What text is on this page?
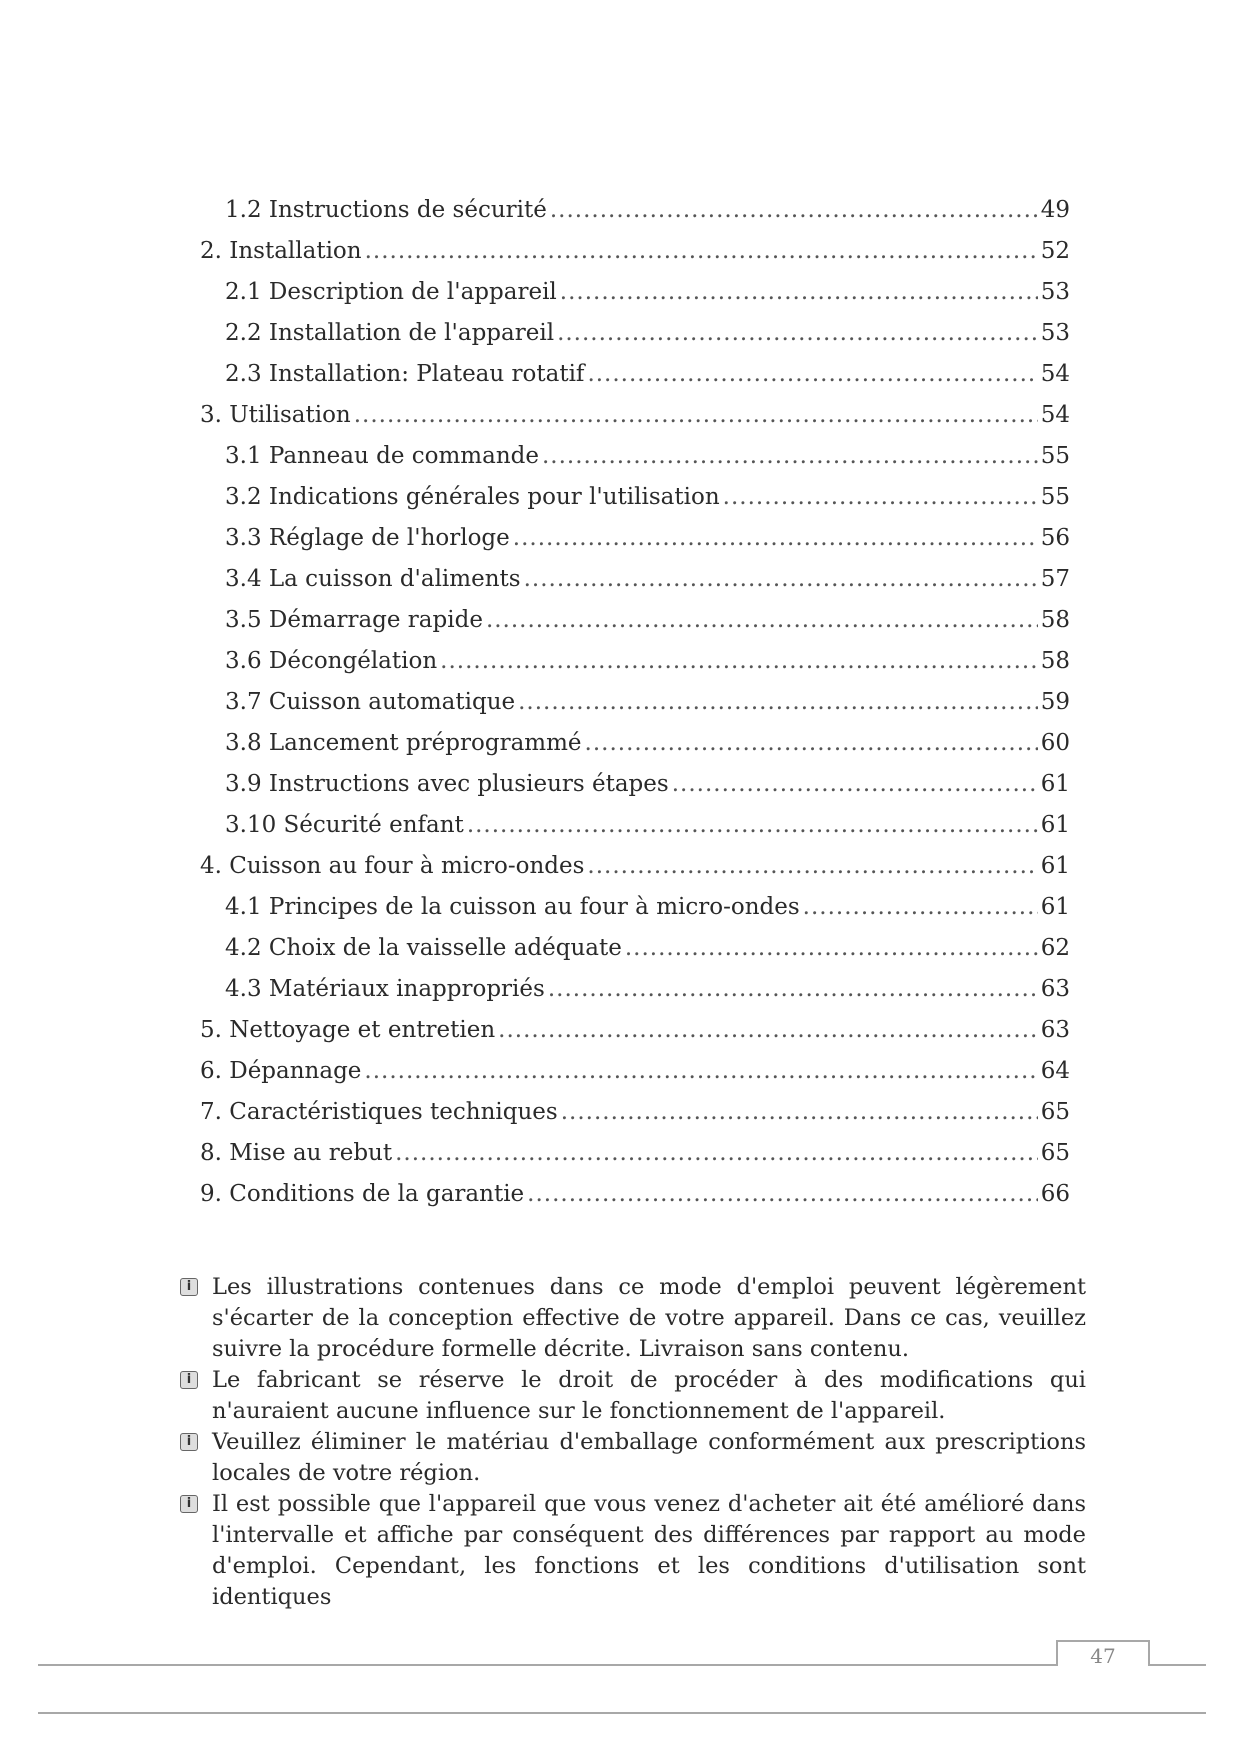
1.2 Instructions de sécurité .....	49
2. Installation .....	52
2.1 Description de l'appareil .....	53
2.2 Installation de l'appareil .....	53
2.3 Installation: Plateau rotatif .....	54
3. Utilisation .....	54
3.1 Panneau de commande .....	55
3.2 Indications générales pour l'utilisation .....	55
3.3 Réglage de l'horloge .....	56
3.4 La cuisson d'aliments .....	57
3.5 Démarrage rapide .....	58
3.6 Décongélation .....	58
3.7 Cuisson automatique .....	59
3.8 Lancement préprogrammé .....	60
3.9 Instructions avec plusieurs étapes .....	61
3.10 Sécurité enfant .....	61
4. Cuisson au four à micro-ondes .....	61
4.1 Principes de la cuisson au four à micro-ondes .....	61
4.2 Choix de la vaisselle adéquate .....	62
4.3 Matériaux inappropriés .....	63
5. Nettoyage et entretien .....	63
6. Dépannage .....	64
7. Caractéristiques techniques .....	65
8. Mise au rebut .....	65
9. Conditions de la garantie .....	66
i Les illustrations contenues dans ce mode d'emploi peuvent légèrement s'écarter de la conception effective de votre appareil. Dans ce cas, veuillez suivre la procédure formelle décrite. Livraison sans contenu.

i Le fabricant se réserve le droit de procéder à des modifications qui n'auraient aucune influence sur le fonctionnement de l'appareil.

i Veuillez éliminer le matériau d'emballage conformément aux prescriptions locales de votre région.

i Il est possible que l'appareil que vous venez d'acheter ait été amélioré dans l'intervalle et affiche par conséquent des différences par rapport au mode d'emploi. Cependant, les fonctions et les conditions d'utilisation sont identiques

47
